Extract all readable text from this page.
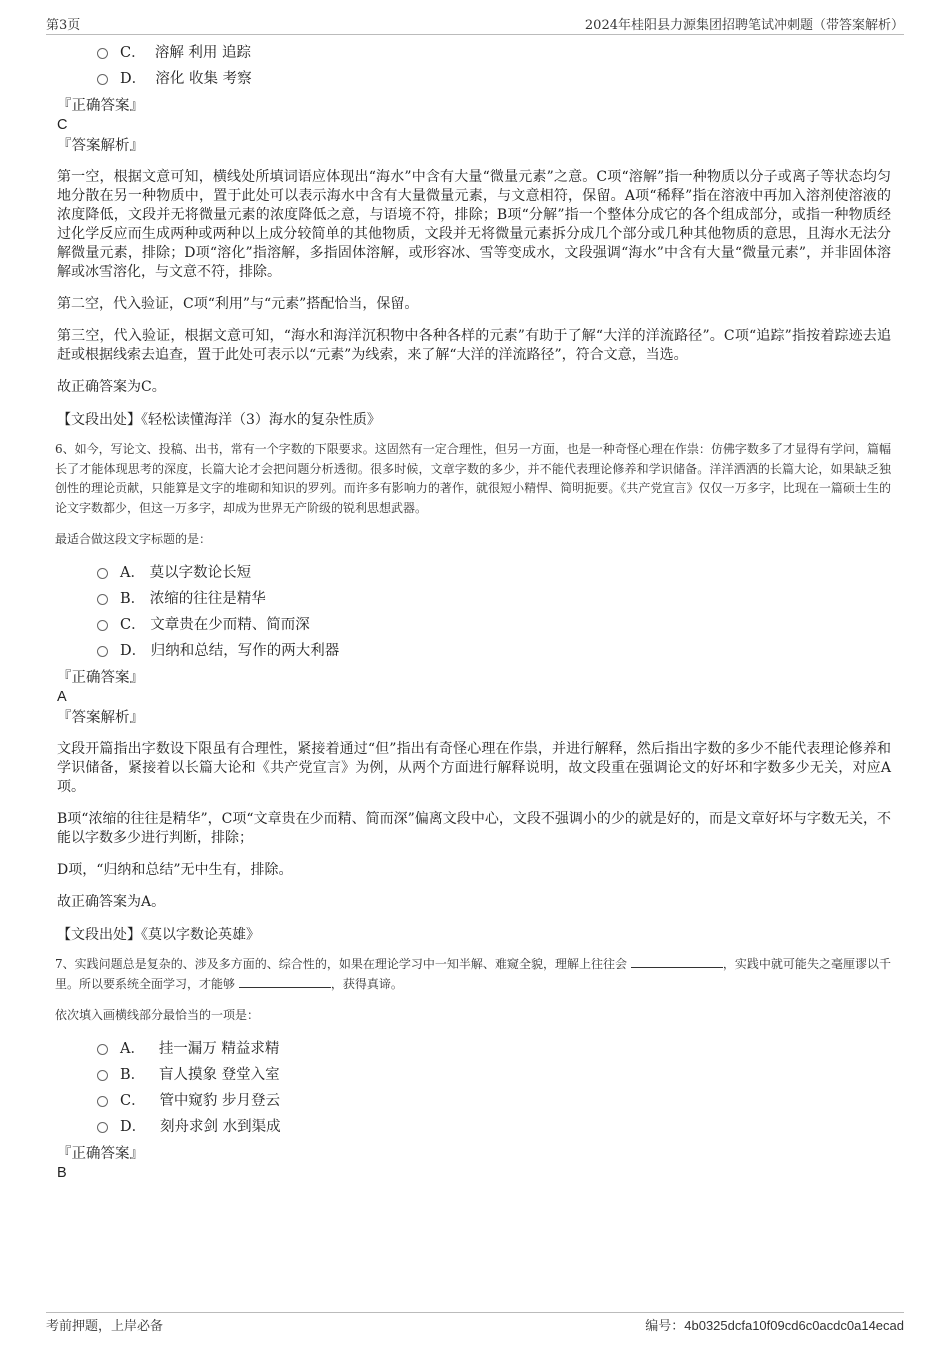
第3页	2024年桂阳县力源集团招聘笔试冲刺题（带答案解析）
C．
溶解 利用 追踪
D．
溶化 收集 考察

『正确答案』

C

『答案解析』

第一空，根据文意可知，横线处所填词语应体现出“海水”中含有大量“微量元素”之意。C项“溶解”指一种物质以分子或离子等状态均匀地分散在另一种物质中，置于此处可以表示海水中含有大量微量元素，与文意相符，保留。A项“稀释”指在溶液中再加入溶剂使溶液的浓度降低，文段并无将微量元素的浓度降低之意，与语境不符，排除；B项“分解”指一个整体分成它的各个组成部分，或指一种物质经过化学反应而生成两种或两种以上成分较简单的其他物质，文段并无将微量元素拆分成几个部分或几种其他物质的意思，且海水无法分解微量元素，排除；D项“溶化”指溶解，多指固体溶解，或形容冰、雪等变成水，文段强调“海水”中含有大量“微量元素”，并非固体溶解或冰雪溶化，与文意不符，排除。

第二空，代入验证，C项“利用”与“元素”搭配恰当，保留。

第三空，代入验证，根据文意可知，“海水和海洋沉积物中各种各样的元素”有助于了解“大洋的洋流路径”。C项“追踪”指按着踪迹去追赶或根据线索去追查，置于此处可表示以“元素”为线索，来了解“大洋的洋流路径”，符合文意，当选。

故正确答案为C。

【文段出处】《轻松读懂海洋（3）海水的复杂性质》

6、如今，写论文、投稿、出书，常有一个字数的下限要求。这固然有一定合理性，但另一方面，也是一种奇怪心理在作祟：仿佛字数多了才显得有学问，篇幅长了才能体现思考的深度，长篇大论才会把问题分析透彻。很多时候，文章字数的多少，并不能代表理论修养和学识储备。洋洋洒洒的长篇大论，如果缺乏独创性的理论贡献，只能算是文字的堆砌和知识的罗列。而许多有影响力的著作，就很短小精悍、简明扼要。《共产党宣言》仅仅一万多字，比现在一篇硕士生的论文字数都少，但这一万多字，却成为世界无产阶级的锐利思想武器。

最适合做这段文字标题的是：

A．
莫以字数论长短
B．
浓缩的往往是精华
C．
文章贵在少而精、简而深
D．
归纳和总结，写作的两大利器

『正确答案』

A

『答案解析』

文段开篇指出字数设下限虽有合理性，紧接着通过“但”指出有奇怪心理在作祟，并进行解释，然后指出字数的多少不能代表理论修养和学识储备，紧接着以长篇大论和《共产党宣言》为例，从两个方面进行解释说明，故文段重在强调论文的好坏和字数多少无关，对应A项。

B项“浓缩的往往是精华”，C项“文章贵在少而精、简而深”偏离文段中心，文段不强调小的少的就是好的，而是文章好坏与字数无关，不能以字数多少进行判断，排除；

D项，“归纳和总结”无中生有，排除。

故正确答案为A。

【文段出处】《莫以字数论英雄》

7、实践问题总是复杂的、涉及多方面的、综合性的，如果在理论学习中一知半解、难窥全貌，理解上往往会	，实践中就可能失之毫厘谬以千里。所以要系统全面学习，才能够	，获得真谛。

依次填入画横线部分最恰当的一项是：

A．
挂一漏万 精益求精
B．
盲人摸象 登堂入室
C．
管中窥豹 步月登云
D．
刻舟求剑 水到渠成

『正确答案』

B

考前押题，上岸必备	编号：4b0325dcfa10f09cd6c0acdc0a14ecad
